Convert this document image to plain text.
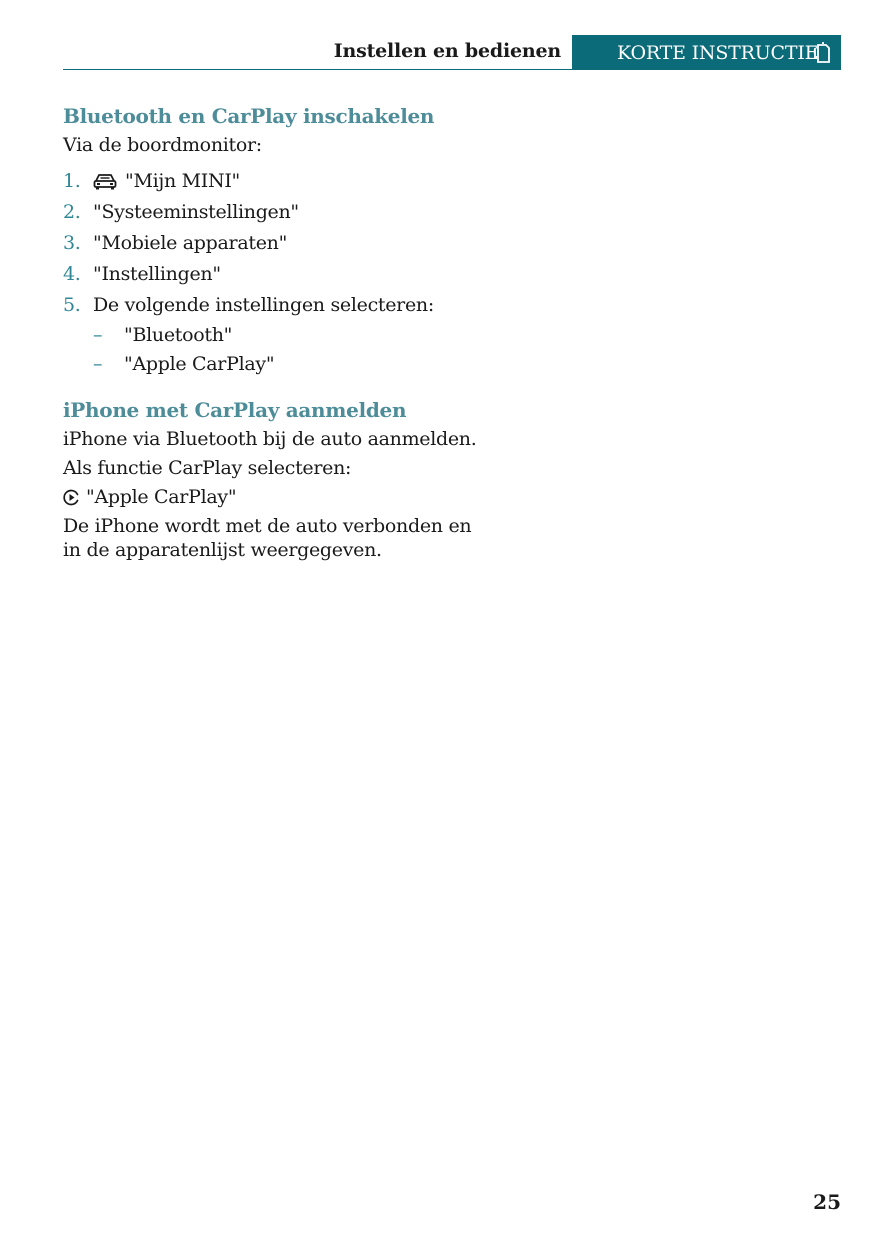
Instellen en bedienen	KORTE INSTRUCTIE
Bluetooth en CarPlay inschakelen

Via de boordmonitor:

1. "Mijn MINI"
2. "Systeeminstellingen"
3. "Mobiele apparaten"
4. "Instellingen"
5. De volgende instellingen selecteren:
– "Bluetooth"
– "Apple CarPlay"
iPhone met CarPlay aanmelden

iPhone via Bluetooth bij de auto aanmelden.

Als functie CarPlay selecteren:

"Apple CarPlay"

De iPhone wordt met de auto verbonden en
in de apparatenlijst weergegeven.
25
